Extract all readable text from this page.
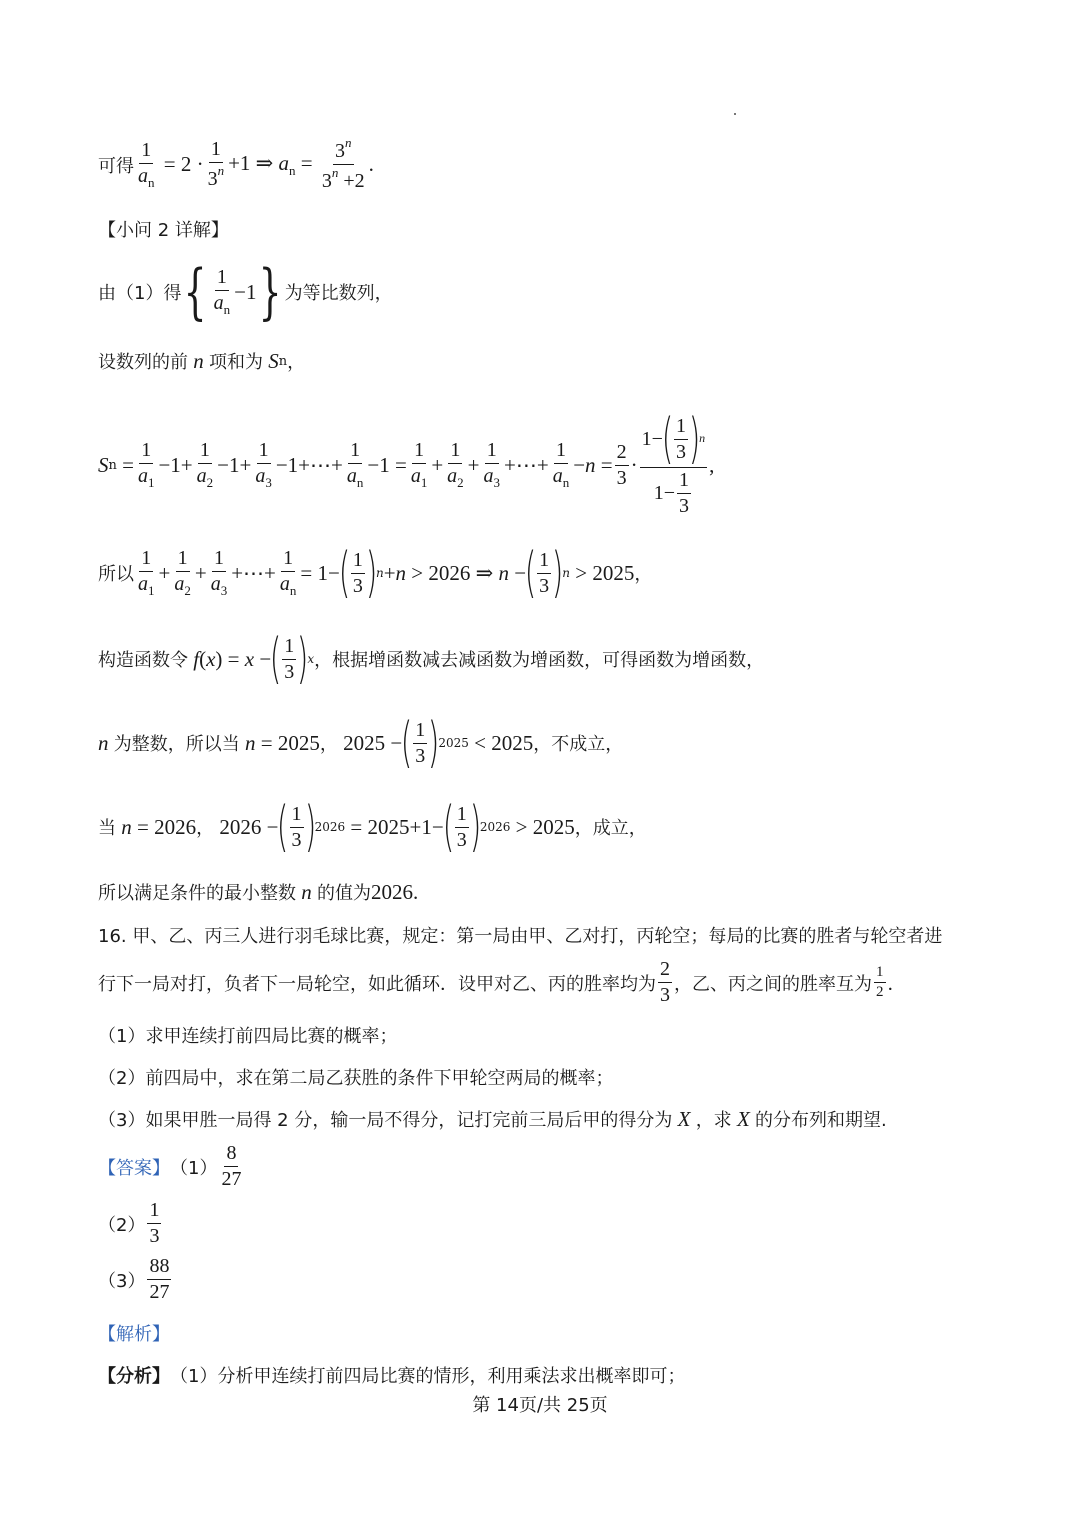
可得 $\frac{1}{a_n} = 2 \cdot \frac{1}{3^n} +1$ ⇒ $a_n = \frac{3^n}{3^n +2}$ .
【小问 2 详解】
由（1）得 { $\frac{1}{a_n} -1$ } 为等比数列，
设数列的前 n 项和为 S n ，
S $n = \frac{1}{a_1} -1+ \frac{1}{a_2} -1+ \frac{1}{a_3}$ −1+⋯+ $\frac{1}{a_n} -1 = \frac{1}{a_1} + \frac{1}{a_2} + \frac{1}{a_3}$ +⋯+ $\frac{1}{a_n} -n = \frac{2}{3} \cdot 1-$
( $\frac{1}{3}$ )
n
$1- \frac{1}{3}$ ,
所以 $\frac{1}{a_1} + \frac{1}{a_2} + \frac{1}{a_3}$ +⋯+ $\frac{1}{a_n} = 1-$
( $\frac{1}{3}$ )
n +n > 2026 ⇒ n −
( $\frac{1}{3}$ )
n > 2025 ，
构造函数令 f(x) = x −
( $\frac{1}{3}$ )
x ，根据增函数减去减函数为增函数，可得函数为增函数，
n 为整数，所以当 n = 2025 ， 2025 −
( $\frac{1}{3}$ )
2025 < 2025 ，不成立，
当 n = 2026 ， 2026 −
( $\frac{1}{3}$ )
2026 = 2025+1−
( $\frac{1}{3}$ )
2026 > 2025 ，成立，
所以满足条件的最小整数 n 的值为 2026 .
16. 甲、乙、丙三人进行羽毛球比赛，规定：第一局由甲、乙对打，丙轮空；每局的比赛的胜者与轮空者进
行下一局对打，负者下一局轮空，如此循环．设甲对乙、丙的胜率均为 $\frac{2}{3}$ ，乙、丙之间的胜率互为 $\frac{1}{2}$ ．
（1）求甲连续打前四局比赛的概率；
（2）前四局中，求在第二局乙获胜的条件下甲轮空两局的概率；
（3）如果甲胜一局得 2 分，输一局不得分，记打完前三局后甲的得分为 X ，求 X 的分布列和期望.
【答案】 $(1) \frac{8}{27}$
$(2) \frac{1}{3}$
$(3) \frac{88}{27}$
【解析】
【分析】 （1）分析甲连续打前四局比赛的情形，利用乘法求出概率即可；
第 14页/共 25页
